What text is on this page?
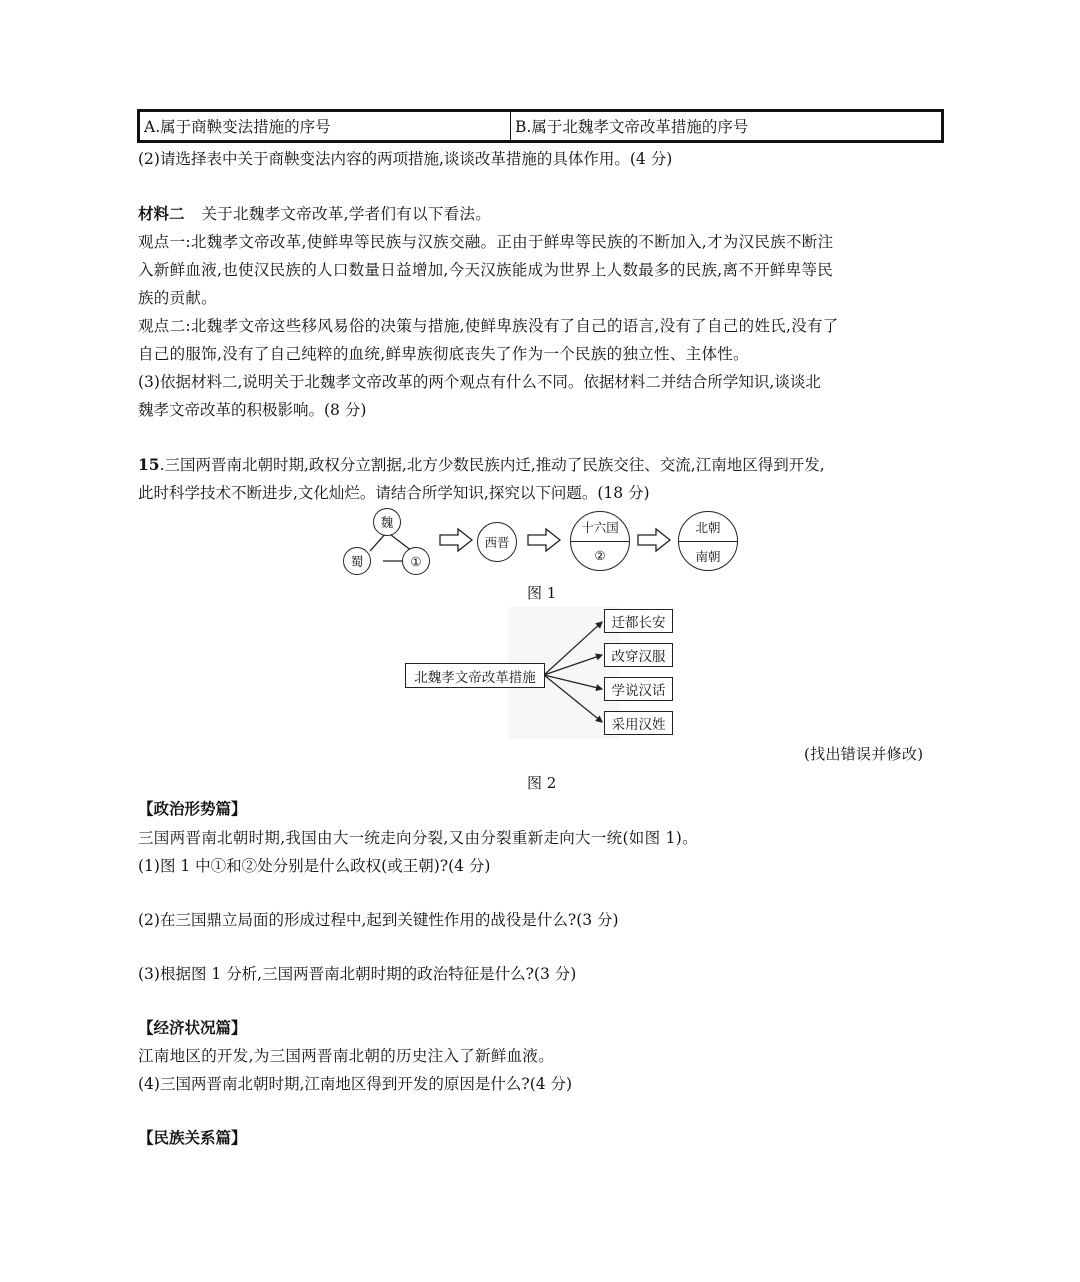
A.属于商鞅变法措施的序号	B.属于北魏孝文帝改革措施的序号
(2)请选择表中关于商鞅变法内容的两项措施,谈谈改革措施的具体作用。(4 分)
材料二 关于北魏孝文帝改革,学者们有以下看法。
观点一:北魏孝文帝改革,使鲜卑等民族与汉族交融。正由于鲜卑等民族的不断加入,才为汉民族不断注
入新鲜血液,也使汉民族的人口数量日益增加,今天汉族能成为世界上人数最多的民族,离不开鲜卑等民
族的贡献。
观点二:北魏孝文帝这些移风易俗的决策与措施,使鲜卑族没有了自己的语言,没有了自己的姓氏,没有了
自己的服饰,没有了自己纯粹的血统,鲜卑族彻底丧失了作为一个民族的独立性、主体性。
(3)依据材料二,说明关于北魏孝文帝改革的两个观点有什么不同。依据材料二并结合所学知识,谈谈北
魏孝文帝改革的积极影响。(8 分)
15.三国两晋南北朝时期,政权分立割据,北方少数民族内迁,推动了民族交往、交流,江南地区得到开发,
此时科学技术不断进步,文化灿烂。请结合所学知识,探究以下问题。(18 分)
魏
蜀	①
西晋
十六国
②
北朝
南朝
图 1
北魏孝文帝改革措施
迁都长安
改穿汉服
学说汉话
采用汉姓
(找出错误并修改)
图 2
【政治形势篇】
三国两晋南北朝时期,我国由大一统走向分裂,又由分裂重新走向大一统(如图 1)。
(1)图 1 中①和②处分别是什么政权(或王朝)?(4 分)
(2)在三国鼎立局面的形成过程中,起到关键性作用的战役是什么?(3 分)
(3)根据图 1 分析,三国两晋南北朝时期的政治特征是什么?(3 分)
【经济状况篇】
江南地区的开发,为三国两晋南北朝的历史注入了新鲜血液。
(4)三国两晋南北朝时期,江南地区得到开发的原因是什么?(4 分)
【民族关系篇】
